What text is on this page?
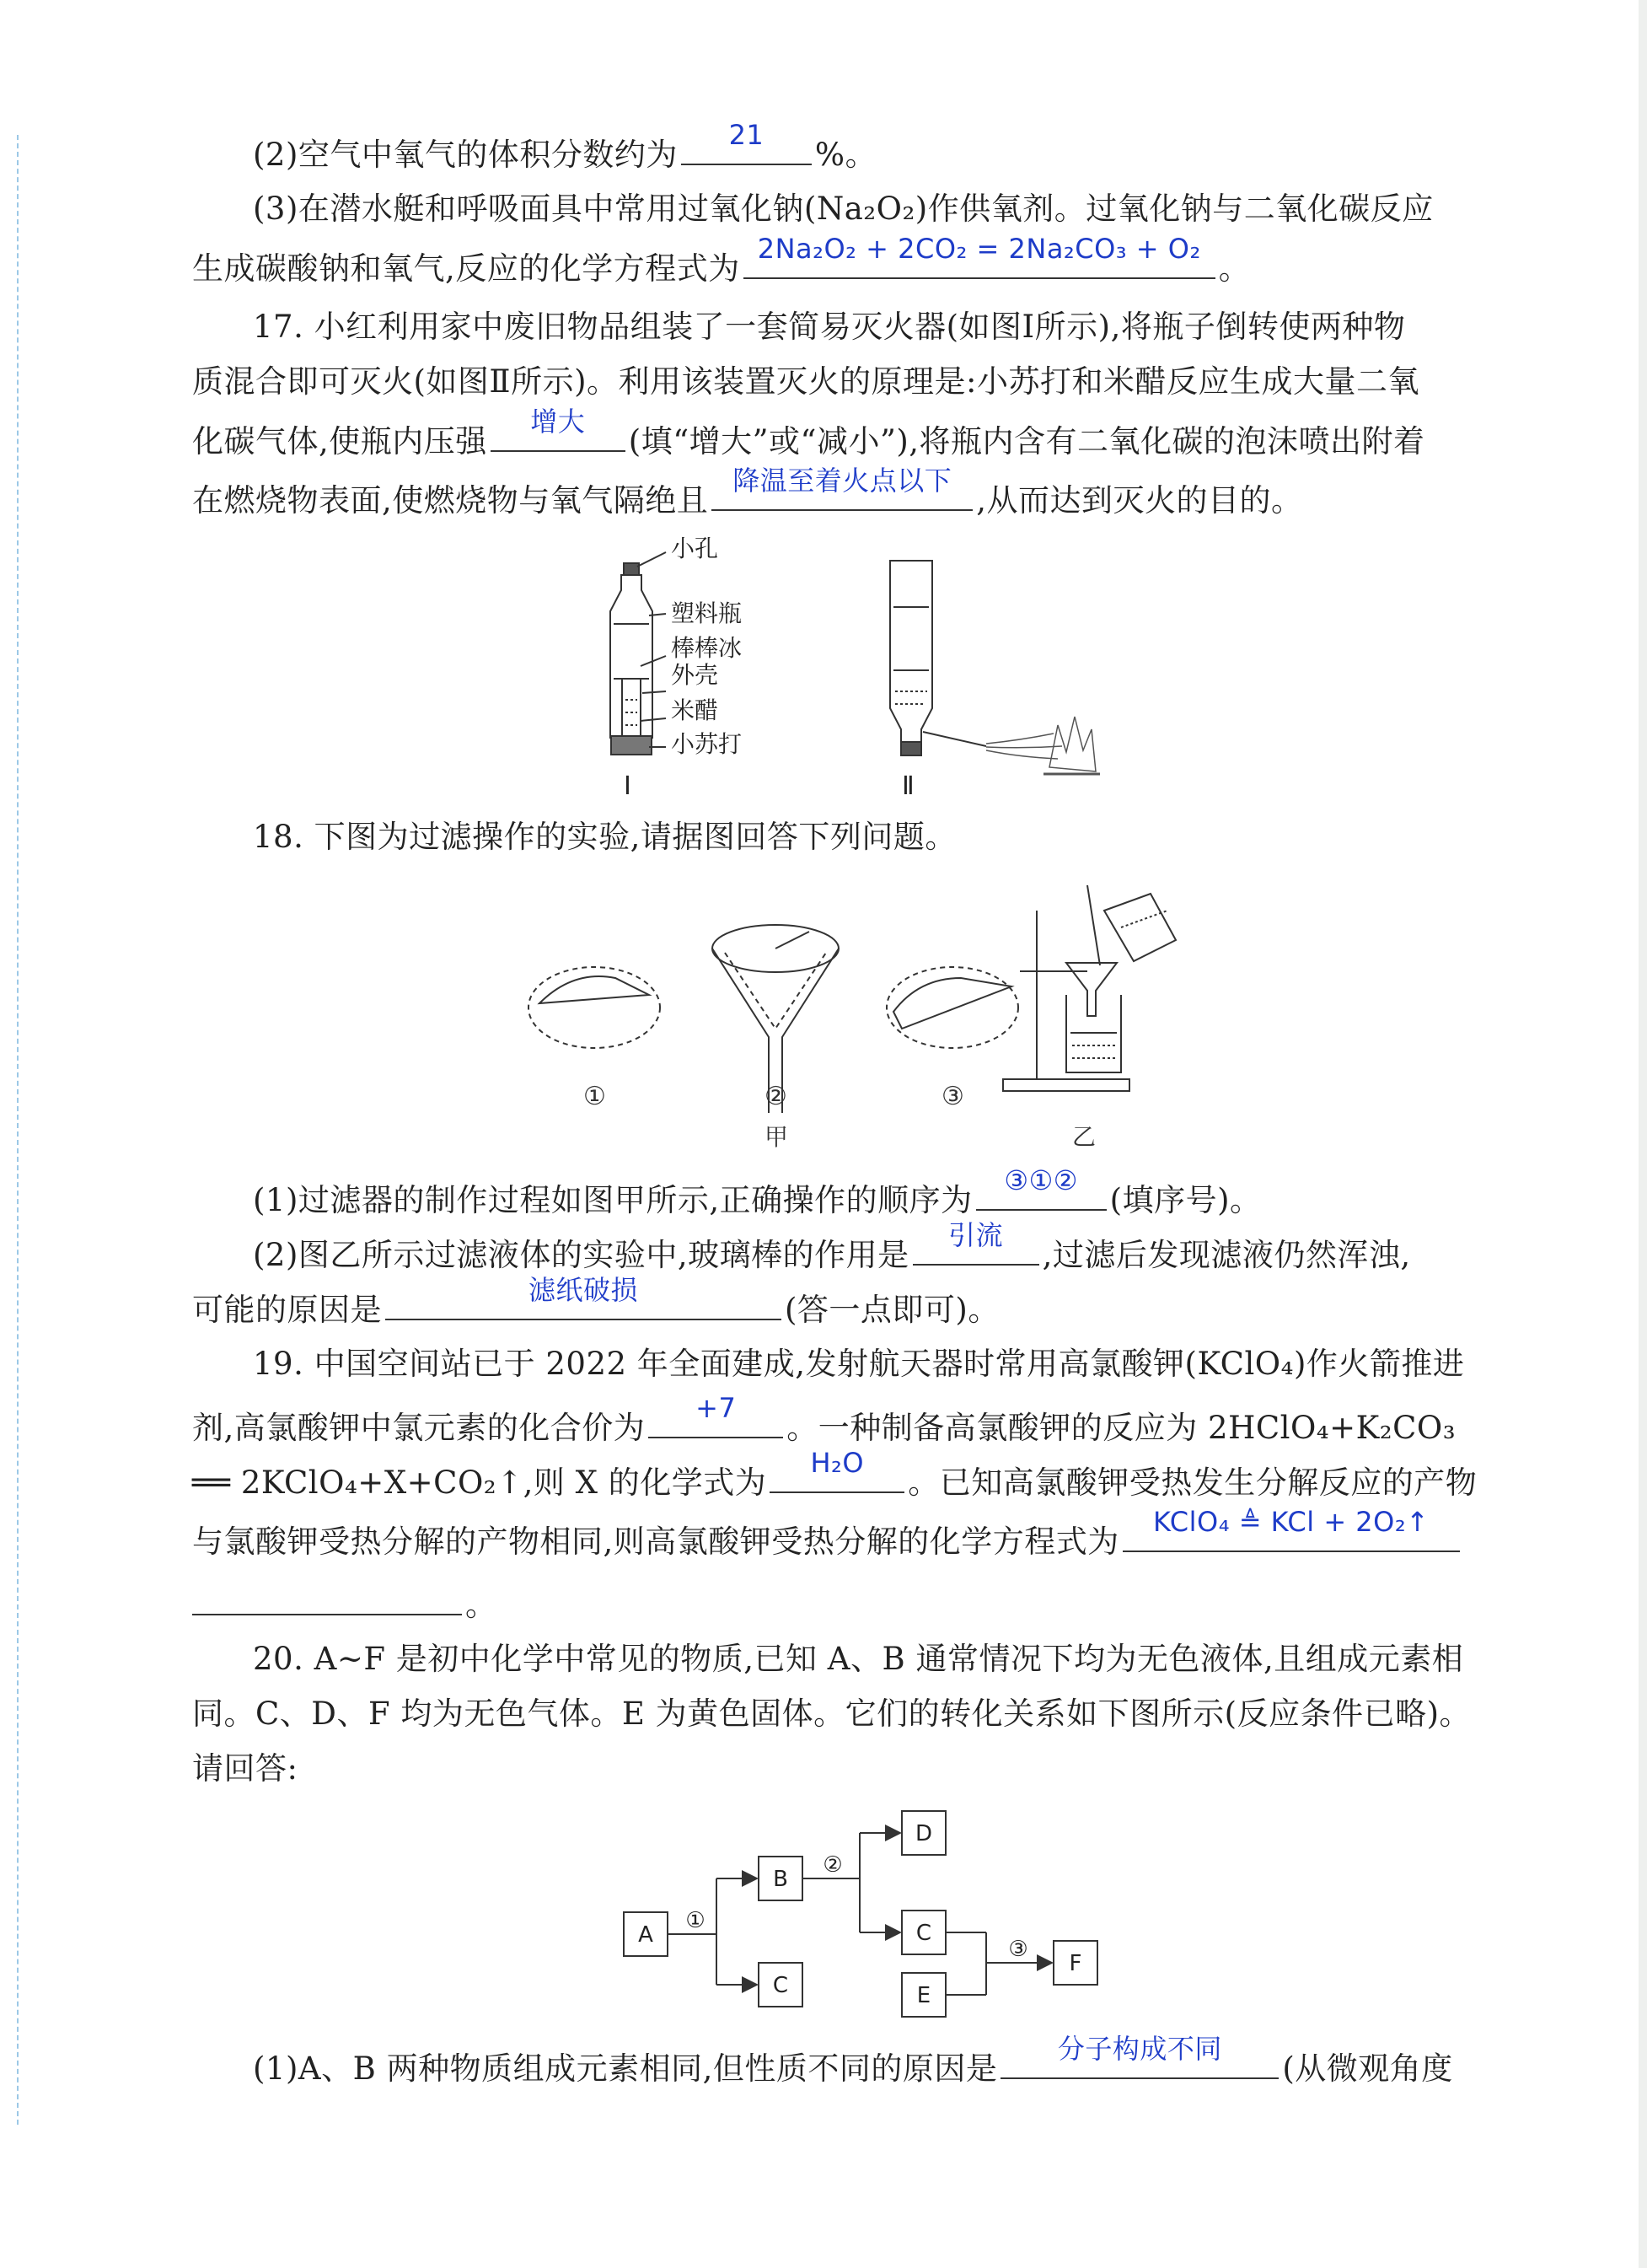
(2)空气中氧气的体积分数约为
21
%。
(3)在潜水艇和呼吸面具中常用过氧化钠(Na₂O₂)作供氧剂。过氧化钠与二氧化碳反应
生成碳酸钠和氧气,反应的化学方程式为
2Na₂O₂ + 2CO₂ = 2Na₂CO₃ + O₂
。
17. 小红利用家中废旧物品组装了一套简易灭火器(如图Ⅰ所示),将瓶子倒转使两种物
质混合即可灭火(如图Ⅱ所示)。利用该装置灭火的原理是:小苏打和米醋反应生成大量二氧
化碳气体,使瓶内压强
增大
(填“增大”或“减小”),将瓶内含有二氧化碳的泡沫喷出附着
在燃烧物表面,使燃烧物与氧气隔绝且
降温至着火点以下
,从而达到灭火的目的。
小孔
塑料瓶
棒棒冰
外壳
米醋
小苏打
Ⅰ	Ⅱ
18. 下图为过滤操作的实验,请据图回答下列问题。
①	②	③
甲	乙
(1)过滤器的制作过程如图甲所示,正确操作的顺序为
③①②
(填序号)。
(2)图乙所示过滤液体的实验中,玻璃棒的作用是
引流
,过滤后发现滤液仍然浑浊,
可能的原因是
滤纸破损
(答一点即可)。
19. 中国空间站已于 2022 年全面建成,发射航天器时常用高氯酸钾(KClO₄)作火箭推进
剂,高氯酸钾中氯元素的化合价为
+7
。一种制备高氯酸钾的反应为 2HClO₄+K₂CO₃
══ 2KClO₄+X+CO₂↑,则 X 的化学式为
H₂O
。已知高氯酸钾受热发生分解反应的产物
与氯酸钾受热分解的产物相同,则高氯酸钾受热分解的化学方程式为
KClO₄ ≜ KCl + 2O₂↑
。
20. A~F 是初中化学中常见的物质,已知 A、B 通常情况下均为无色液体,且组成元素相
同。C、D、F 均为无色气体。E 为黄色固体。它们的转化关系如下图所示(反应条件已略)。
请回答:
A
B
C
D
C
E
F
①
②
③
(1)A、B 两种物质组成元素相同,但性质不同的原因是
分子构成不同
(从微观角度
